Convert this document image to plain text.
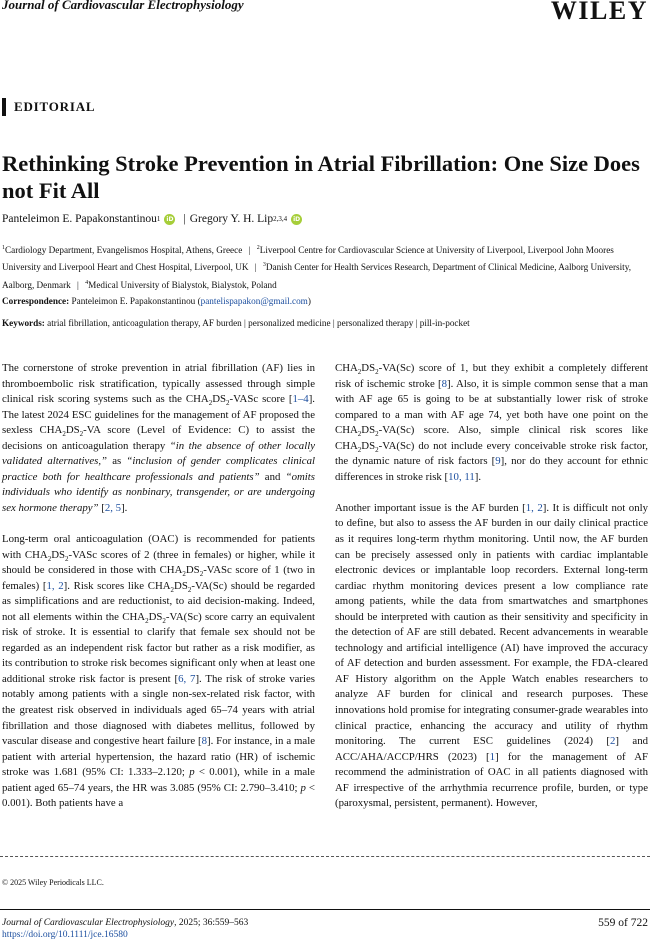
Journal of Cardiovascular Electrophysiology	WILEY
EDITORIAL
Rethinking Stroke Prevention in Atrial Fibrillation: One Size Does not Fit All
Panteleimon E. Papakonstantinou 1 iD | Gregory Y. H. Lip 2,3,4 iD
$^1$Cardiology Department, Evangelismos Hospital, Athens, Greece | $^2$Liverpool Centre for Cardiovascular Science at University of Liverpool, Liverpool John Moores University and Liverpool Heart and Chest Hospital, Liverpool, UK | $^3$Danish Center for Health Services Research, Department of Clinical Medicine, Aalborg University, Aalborg, Denmark | $^4$Medical University of Bialystok, Bialystok, Poland
Correspondence: Panteleimon E. Papakonstantinou (pantelispapakon@gmail.com)
Keywords: atrial fibrillation, anticoagulation therapy, AF burden | personalized medicine | personalized therapy | pill-in-pocket

The cornerstone of stroke prevention in atrial fibrillation (AF) lies in thromboembolic risk stratification, typically assessed through simple clinical risk scoring systems such as the $CHA_2DS_2$-VASc score [1–4]. The latest 2024 ESC guidelines for the management of AF proposed the sexless $CHA_2DS_2-VA$ score (Level of Evidence: C) to assist the decisions on anticoagulation therapy “in the absence of other locally validated alternatives,” as “inclusion of gender complicates clinical practice both for healthcare professionals and patients” and “omits individuals who identify as nonbinary, transgender, or are undergoing sex hormone therapy” [2, 5].

Long-term oral anticoagulation (OAC) is recommended for patients with $CHA_2DS_2$-VASc scores of 2 (three in females) or higher, while it should be considered in those with $CHA_2DS_2$-VASc score of 1 (two in females) [1, 2]. Risk scores like $CHA_2DS_2-VA(Sc)$ should be regarded as simplifications and are reductionist, to aid decision-making. Indeed, not all elements within the $CHA_2DS_2-VA(Sc)$ score carry an equivalent risk of stroke. It is essential to clarify that female sex should not be regarded as an independent risk factor but rather as a risk modifier, as its contribution to stroke risk becomes significant only when at least one additional stroke risk factor is present [6, 7]. The risk of stroke varies notably among patients with a single non-sex-related risk factor, with the greatest risk observed in individuals aged 65–74 years with atrial fibrillation and those diagnosed with diabetes mellitus, followed by vascular disease and congestive heart failure [8]. For instance, in a male patient with arterial hypertension, the hazard ratio (HR) of ischemic stroke was 1.681 (95% CI: 1.333–2.120; p < 0.001), while in a male patient aged 65–74 years, the HR was 3.085 (95% CI: 2.790–3.410; p < 0.001). Both patients have a

$CHA_2DS_2-VA(Sc)$ score of 1, but they exhibit a completely different risk of ischemic stroke [8]. Also, it is simple common sense that a man with AF age 65 is going to be at substantially lower risk of stroke compared to a man with AF age 74, yet both have one point on the $CHA_2DS_2-VA(Sc)$ score. Also, simple clinical risk scores like $CHA_2DS_2-VA(Sc)$ do not include every conceivable stroke risk factor, the dynamic nature of risk factors [9], nor do they account for ethnic differences in stroke risk [10, 11].

Another important issue is the AF burden [1, 2]. It is difficult not only to define, but also to assess the AF burden in our daily clinical practice as it requires long-term rhythm monitoring. Until now, the AF burden can be precisely assessed only in patients with cardiac implantable electronic devices or implantable loop recorders. External long-term cardiac rhythm monitoring devices present a low compliance rate among patients, while the data from smartwatches and smartphones should be interpreted with caution as their sensitivity and specificity in the detection of AF are still debated. Recent advancements in wearable technology and artificial intelligence (AI) have improved the accuracy of AF detection and burden assessment. For example, the FDA-cleared AF History algorithm on the Apple Watch enables researchers to analyze AF burden for clinical and research purposes. These innovations hold promise for integrating consumer-grade wearables into clinical practice, enhancing the accuracy and utility of rhythm monitoring. The current ESC guidelines (2024) [2] and ACC/AHA/ACCP/HRS (2023) [1] for the management of AF recommend the administration of OAC in all patients diagnosed with AF irrespective of the arrhythmia recurrence profile, burden, or type (paroxysmal, persistent, permanent). However,

© 2025 Wiley Periodicals LLC.
Journal of Cardiovascular Electrophysiology, 2025; 36:559–563
https://doi.org/10.1111/jce.16580
559 of 722
